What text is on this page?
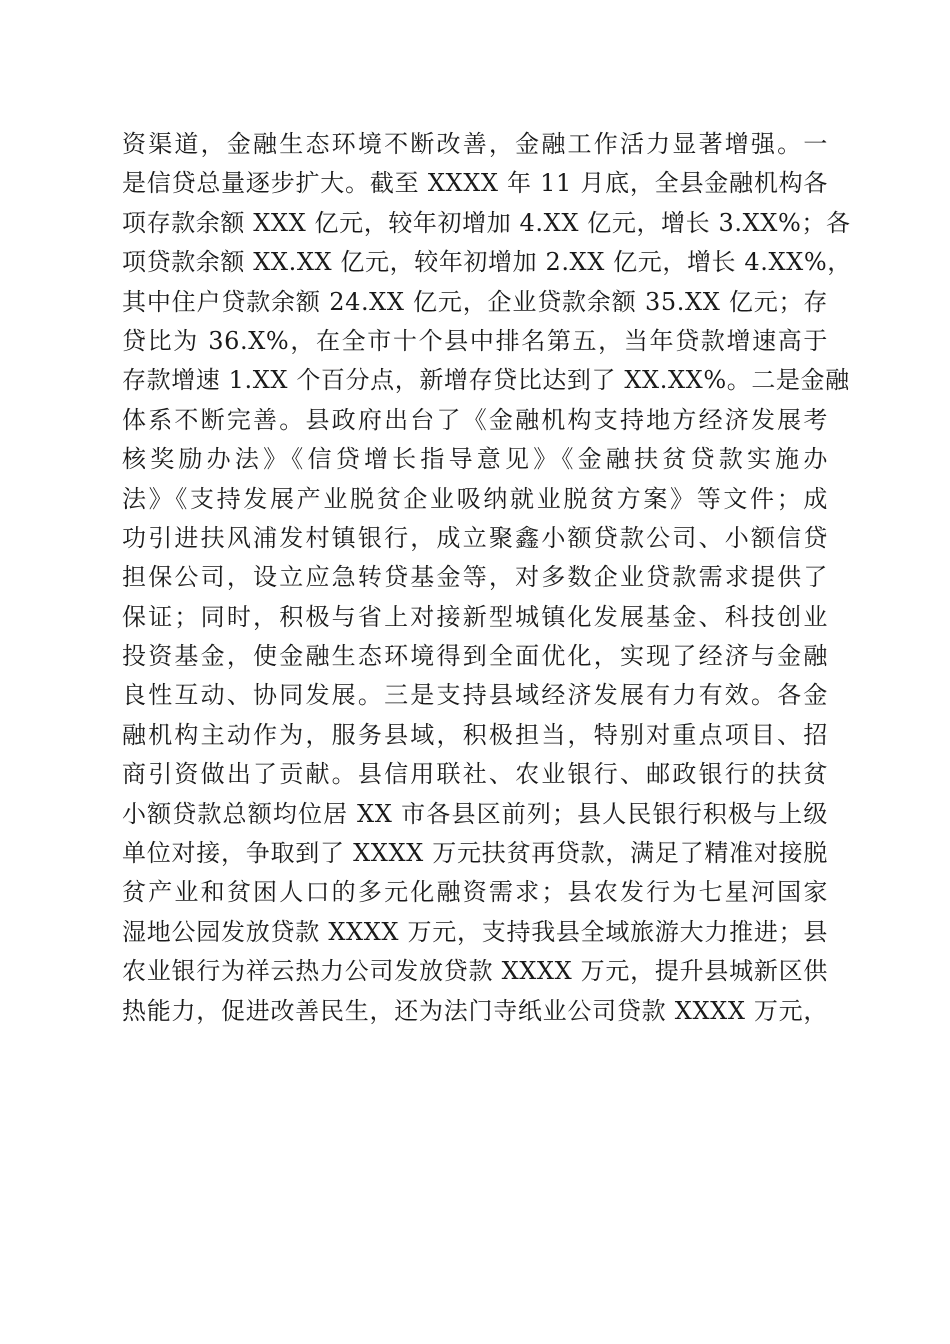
资渠道，金融生态环境不断改善，金融工作活力显著增强。一
是信贷总量逐步扩大。截至 XXXX 年 11 月底，全县金融机构各
项存款余额 XXX 亿元，较年初增加 4.XX 亿元，增长 3.XX%；各
项贷款余额 XX.XX 亿元，较年初增加 2.XX 亿元，增长 4.XX%，
其中住户贷款余额 24.XX 亿元，企业贷款余额 35.XX 亿元；存
贷比为 36.X%，在全市十个县中排名第五，当年贷款增速高于
存款增速 1.XX 个百分点，新增存贷比达到了 XX.XX%。二是金融
体系不断完善。县政府出台了《金融机构支持地方经济发展考
核奖励办法》《信贷增长指导意见》《金融扶贫贷款实施办
法》《支持发展产业脱贫企业吸纳就业脱贫方案》等文件；成
功引进扶风浦发村镇银行，成立聚鑫小额贷款公司、小额信贷
担保公司，设立应急转贷基金等，对多数企业贷款需求提供了
保证；同时，积极与省上对接新型城镇化发展基金、科技创业
投资基金，使金融生态环境得到全面优化，实现了经济与金融
良性互动、协同发展。三是支持县域经济发展有力有效。各金
融机构主动作为，服务县域，积极担当，特别对重点项目、招
商引资做出了贡献。县信用联社、农业银行、邮政银行的扶贫
小额贷款总额均位居 XX 市各县区前列；县人民银行积极与上级
单位对接，争取到了 XXXX 万元扶贫再贷款，满足了精准对接脱
贫产业和贫困人口的多元化融资需求；县农发行为七星河国家
湿地公园发放贷款 XXXX 万元，支持我县全域旅游大力推进；县
农业银行为祥云热力公司发放贷款 XXXX 万元，提升县城新区供
热能力，促进改善民生，还为法门寺纸业公司贷款 XXXX 万元，
